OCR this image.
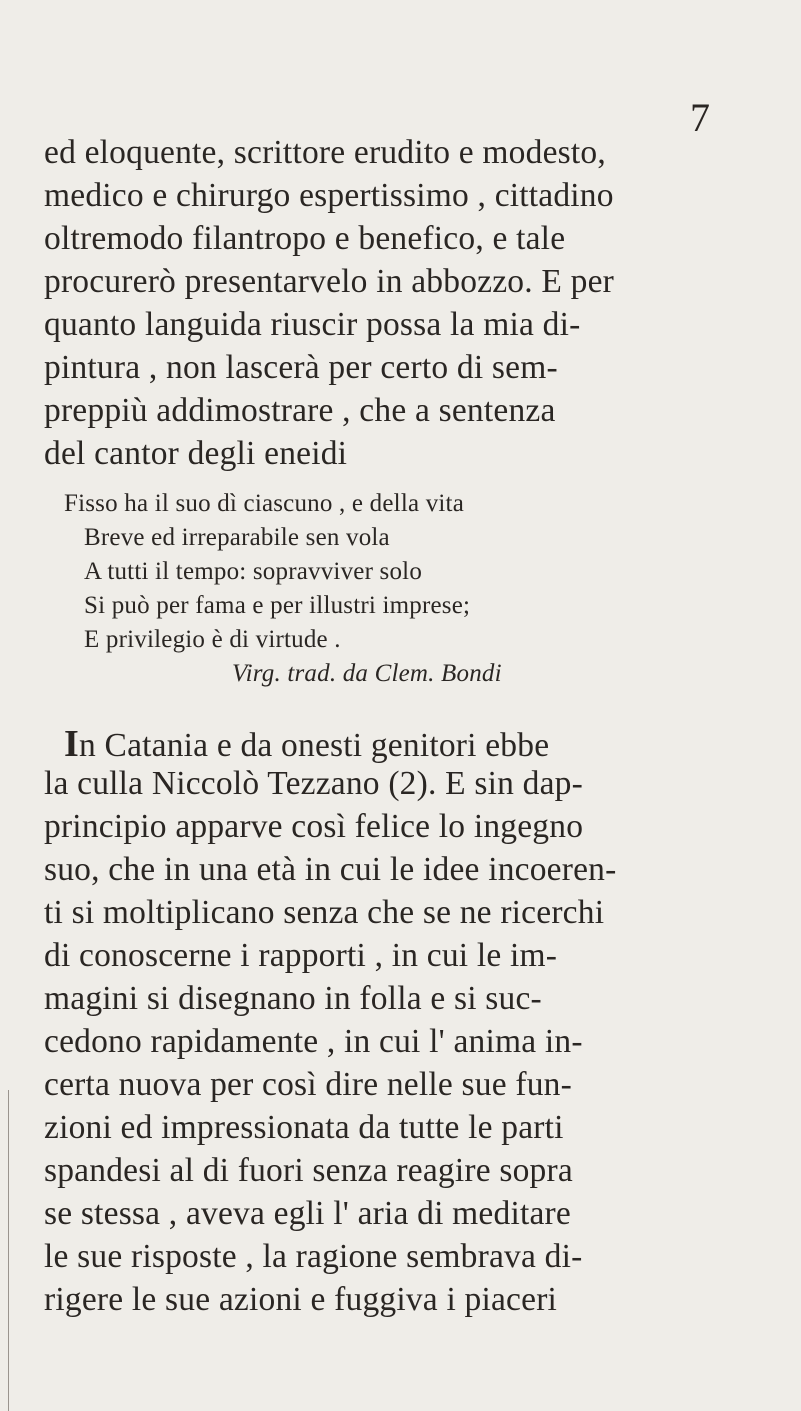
7
ed eloquente, scrittore erudito e modesto,
medico e chirurgo espertissimo , cittadino
oltremodo filantropo e benefico, e tale
procurerò presentarvelo in abbozzo. E per
quanto languida riuscir possa la mia di-
pintura , non lascerà per certo di sem-
preppiù addimostrare , che a sentenza
del cantor degli eneidi
Fisso ha il suo dì ciascuno , e della vita
Breve ed irreparabile sen vola
A tutti il tempo: sopravviver solo
Si può per fama e per illustri imprese;
E privilegio è di virtude .
Virg. trad. da Clem. Bondi
In Catania e da onesti genitori ebbe
la culla Niccolò Tezzano (2). E sin dap-
principio apparve così felice lo ingegno
suo, che in una età in cui le idee incoeren-
ti si moltiplicano senza che se ne ricerchi
di conoscerne i rapporti , in cui le im-
magini si disegnano in folla e si suc-
cedono rapidamente , in cui l' anima in-
certa nuova per così dire nelle sue fun-
zioni ed impressionata da tutte le parti
spandesi al di fuori senza reagire sopra
se stessa , aveva egli l' aria di meditare
le sue risposte , la ragione sembrava di-
rigere le sue azioni e fuggiva i piaceri
